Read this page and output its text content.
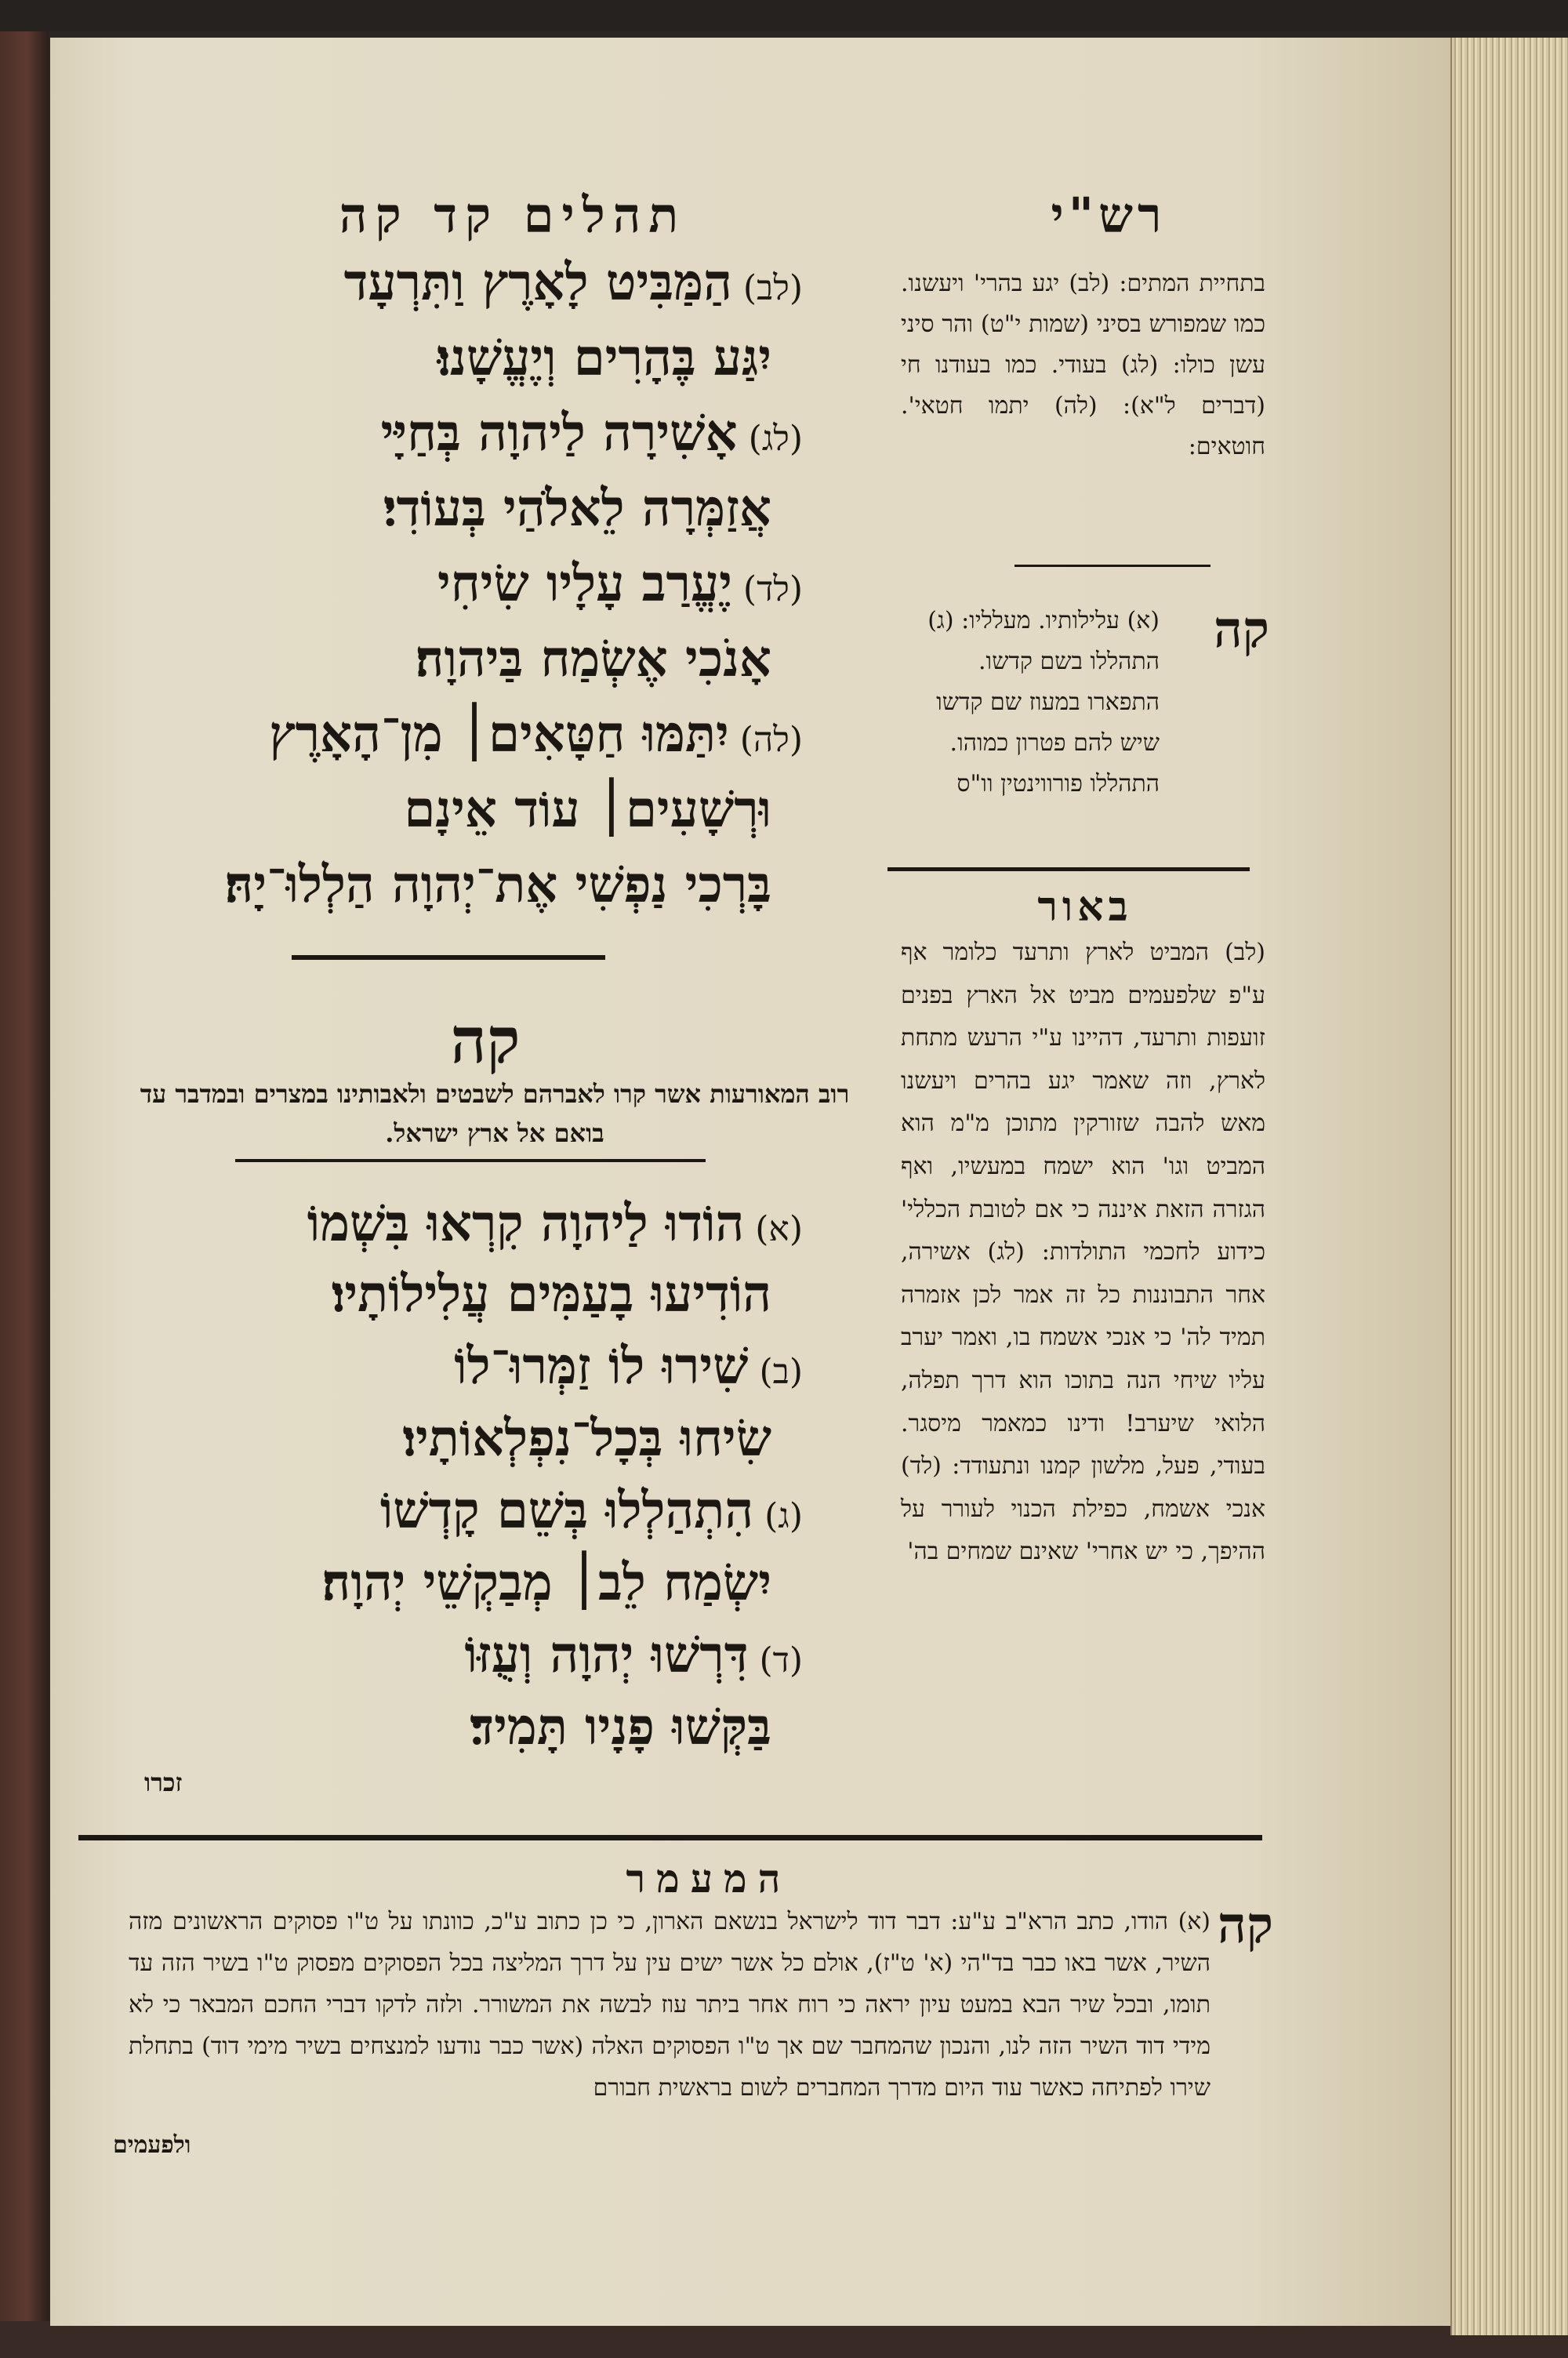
רש"י
בתחיית המתים: (לב) יגע בהרי' ויעשנו. כמו שמפורש בסיני (שמות י"ט) והר סיני עשן כולו: (לג) בעודי. כמו בעודנו חי (דברים ל"א): (לה) יתמו חטאי'. חוטאים:
קה
(א) עלילותיו. מעלליו: (ג) התהללו בשם קדשו. התפארו במעוז שם קדשו שיש להם פטרון כמוהו. התהללו פורווינטין וו"ס
באור
(לב) המביט לארץ ותרעד כלומר אף ע"פ שלפעמים מביט אל הארץ בפנים זועפות ותרעד, דהיינו ע"י הרעש מתחת לארץ, וזה שאמר יגע בהרים ויעשנו מאש להבה שזורקין מתוכן מ"מ הוא המביט וגו' הוא ישמח במעשיו, ואף הגזרה הזאת איננה כי אם לטובת הכללי' כידוע לחכמי התולדות: (לג) אשירה, אחר התבוננות כל זה אמר לכן אזמרה תמיד לה' כי אנכי אשמח בו, ואמר יערב עליו שיחי הנה בתוכו הוא דרך תפלה, הלואי שיערב! ודינו כמאמר מיסגר. בעודי, פעל, מלשון קמנו ונתעודד: (לד) אנכי אשמח, כפילת הכנוי לעורר על ההיפך, כי יש אחרי' שאינם שמחים בה'
תהלים קד קה
(לב)הַמַּבִּיט לָאָרֶץ וַתִּרְעָד
יִגַּע בֶּהָרִים וְיֶעֱשָׁנוּ׃
(לג)אָשִׁירָה לַיהוָה בְּחַיָּי
אֲזַמְּרָה לֵאלֹהַי בְּעוֹדִי׃
(לד)יֶעֱרַב עָלָיו שִׂיחִי
אָנֹכִי אֶשְׂמַח בַּיהוָה׃
(לה)יִתַּמּוּ חַטָּאִים׀ מִן־הָאָרֶץ
וּרְשָׁעִים׀ עוֹד אֵינָם
בָּרְכִי נַפְשִׁי אֶת־יְהוָה הַלְלוּ־יָהּ׃
קה
רוב המאורעות אשר קרו לאברהם לשבטים ולאבותינו במצרים ובמדבר עד בואם אל ארץ ישראל.
(א)הוֹדוּ לַיהוָה קִרְאוּ בִּשְׁמוֹ
הוֹדִיעוּ בָעַמִּים עֲלִילוֹתָיו׃
(ב)שִׁירוּ לוֹ זַמְּרוּ־לוֹ
שִׂיחוּ בְּכָל־נִפְלְאוֹתָיו׃
(ג)הִתְהַלְלוּ בְּשֵׁם קָדְשׁוֹ
יִשְׂמַח לֵב׀ מְבַקְשֵׁי יְהוָה׃
(ד)דִּרְשׁוּ יְהוָה וְעֻזּוֹ
בַּקְּשׁוּ פָנָיו תָּמִיד׃
זכרו
המעמר
קה
(א) הודו, כתב הרא"ב ע"ע: דבר דוד לישראל בנשאם הארון, כי כן כתוב ע"כ, כוונתו על ט"ו פסוקים הראשונים מזה השיר, אשר באו כבר בד"הי (א' ט"ז), אולם כל אשר ישים עין על דרך המליצה בכל הפסוקים מפסוק ט"ו בשיר הזה עד תומו, ובכל שיר הבא במעט עיון יראה כי רוח אחר ביתר עוז לבשה את המשורר. ולזה לדקו דברי החכם המבאר כי לא מידי דוד השיר הזה לנו, והנכון שהמחבר שם אך ט"ו הפסוקים האלה (אשר כבר נודעו למנצחים בשיר מימי דוד) בתחלת שירו לפתיחה כאשר עוד היום מדרך המחברים לשום בראשית חבורם
ולפעמים
